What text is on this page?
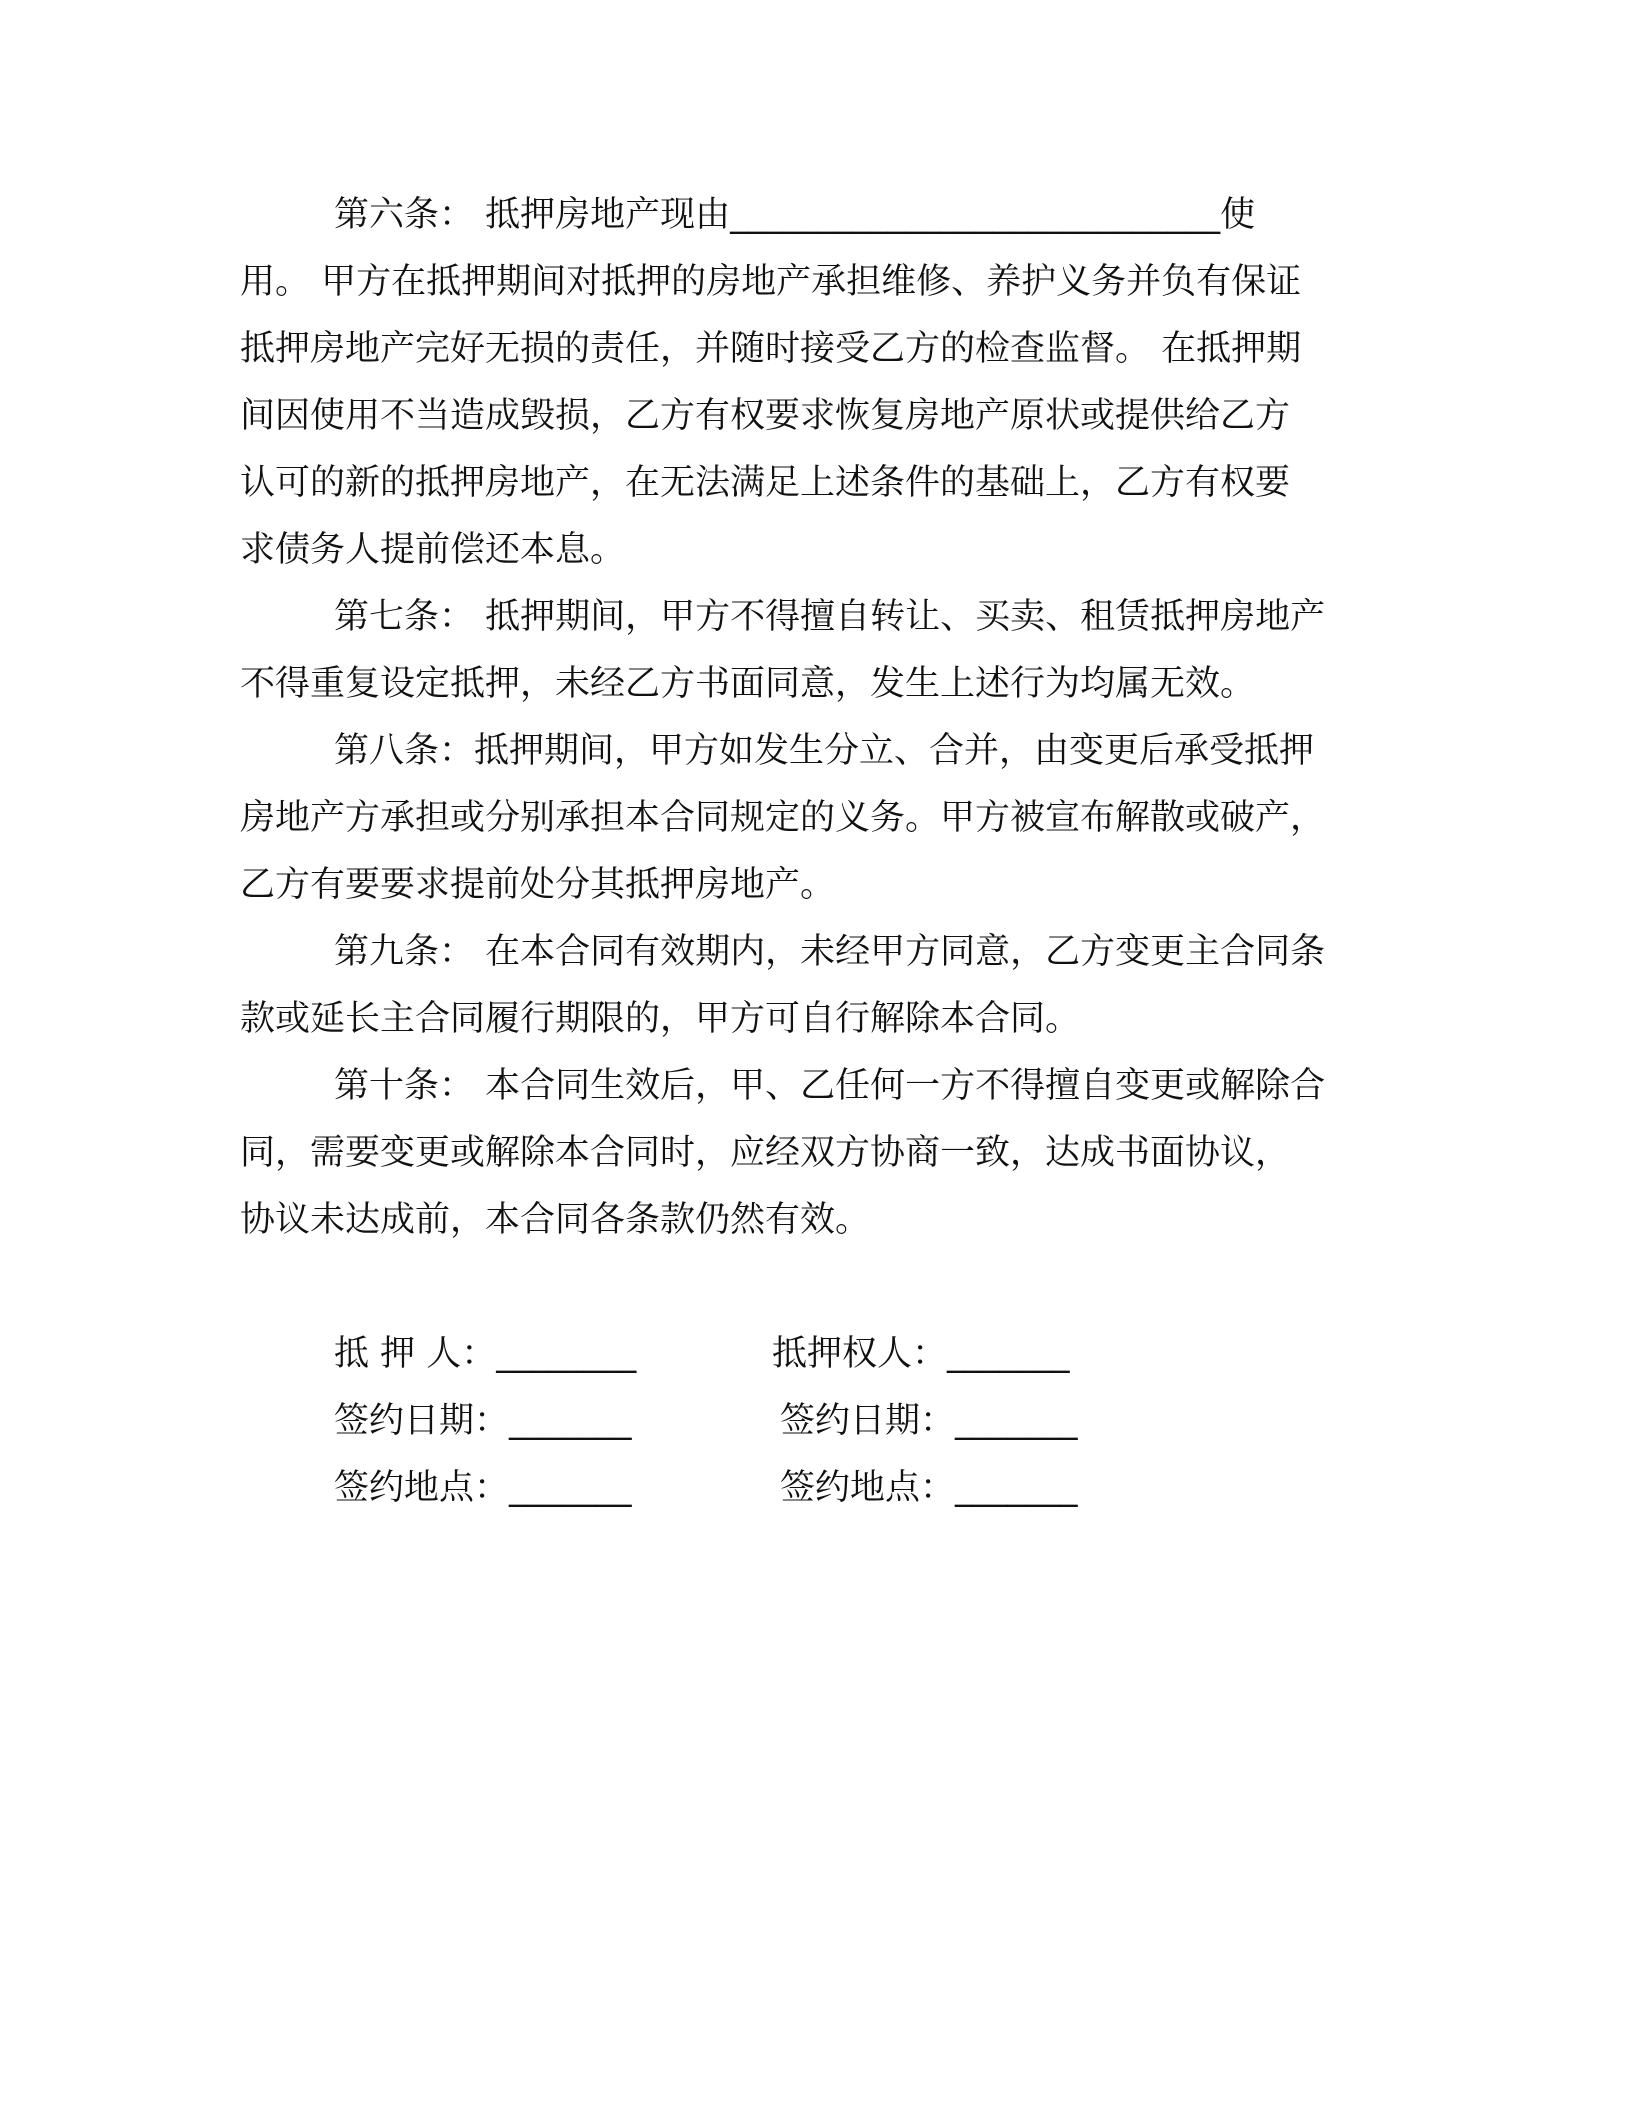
第六条： 抵押房地产现由____________________________使
用。 甲方在抵押期间对抵押的房地产承担维修、养护义务并负有保证
抵押房地产完好无损的责任，并随时接受乙方的检查监督。 在抵押期
间因使用不当造成毁损，乙方有权要求恢复房地产原状或提供给乙方
认可的新的抵押房地产，在无法满足上述条件的基础上，乙方有权要
求债务人提前偿还本息。
第七条： 抵押期间，甲方不得擅自转让、买卖、租赁抵押房地产
不得重复设定抵押，未经乙方书面同意，发生上述行为均属无效。
第八条：抵押期间，甲方如发生分立、合并，由变更后承受抵押
房地产方承担或分别承担本合同规定的义务。甲方被宣布解散或破产，
乙方有要要求提前处分其抵押房地产。
第九条： 在本合同有效期内，未经甲方同意，乙方变更主合同条
款或延长主合同履行期限的，甲方可自行解除本合同。
第十条： 本合同生效后，甲、乙任何一方不得擅自变更或解除合
同，需要变更或解除本合同时，应经双方协商一致，达成书面协议，
协议未达成前，本合同各条款仍然有效。
抵 押 人：________
签约日期：_______
签约地点：_______
抵押权人：_______
签约日期：_______
签约地点：_______
